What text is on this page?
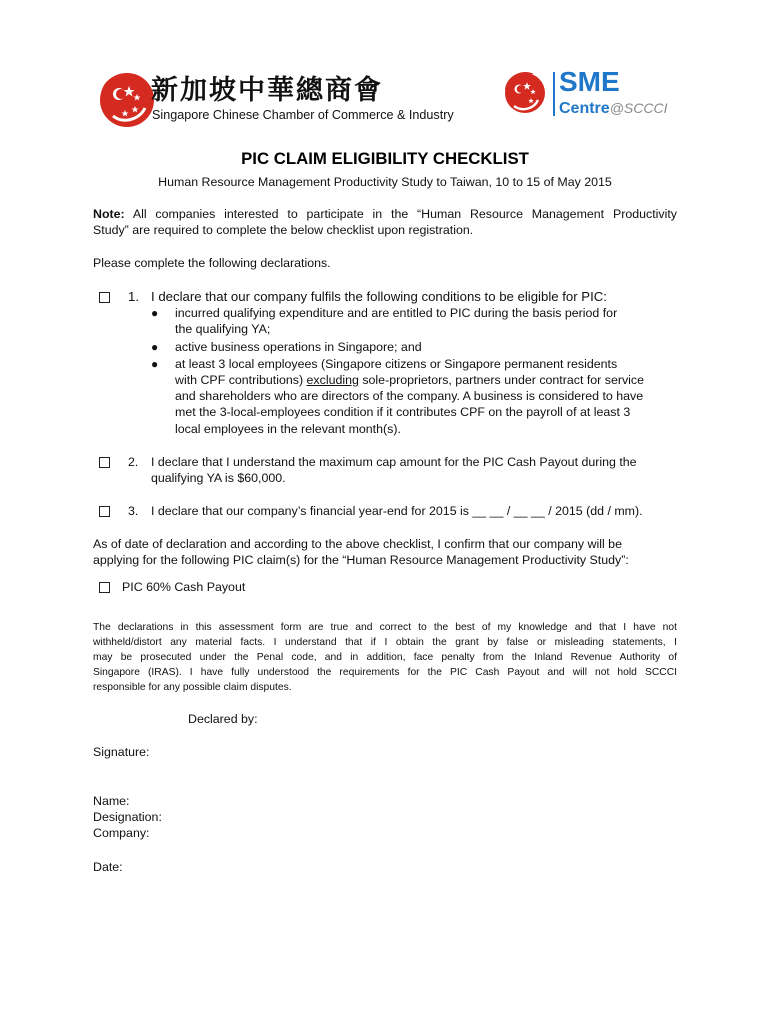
新加坡中華總商會
Singapore Chinese Chamber of Commerce & Industry
SME
Centre@SCCCI
PIC CLAIM ELIGIBILITY CHECKLIST
Human Resource Management Productivity Study to Taiwan, 10 to 15 of May 2015
Note: All companies interested to participate in the “Human Resource Management Productivity
Study” are required to complete the below checklist upon registration.
Please complete the following declarations.
1. I declare that our company fulfils the following conditions to be eligible for PIC:
● incurred qualifying expenditure and are entitled to PIC during the basis period for
the qualifying YA;
● active business operations in Singapore; and
● at least 3 local employees (Singapore citizens or Singapore permanent residents
with CPF contributions) excluding sole-proprietors, partners under contract for service
and shareholders who are directors of the company. A business is considered to have
met the 3-local-employees condition if it contributes CPF on the payroll of at least 3
local employees in the relevant month(s).
2. I declare that I understand the maximum cap amount for the PIC Cash Payout during the
qualifying YA is $60,000.
3. I declare that our company’s financial year-end for 2015 is __ __ / __ __ / 2015 (dd / mm).
As of date of declaration and according to the above checklist, I confirm that our company will be
applying for the following PIC claim(s) for the “Human Resource Management Productivity Study”:
PIC 60% Cash Payout
The declarations in this assessment form are true and correct to the best of my knowledge and that I have not
withheld/distort any material facts. I understand that if I obtain the grant by false or misleading statements, I
may be prosecuted under the Penal code, and in addition, face penalty from the Inland Revenue Authority of
Singapore (IRAS). I have fully understood the requirements for the PIC Cash Payout and will not hold SCCCI
responsible for any possible claim disputes.
Declared by:
Signature:
Name:
Designation:
Company:
Date:
